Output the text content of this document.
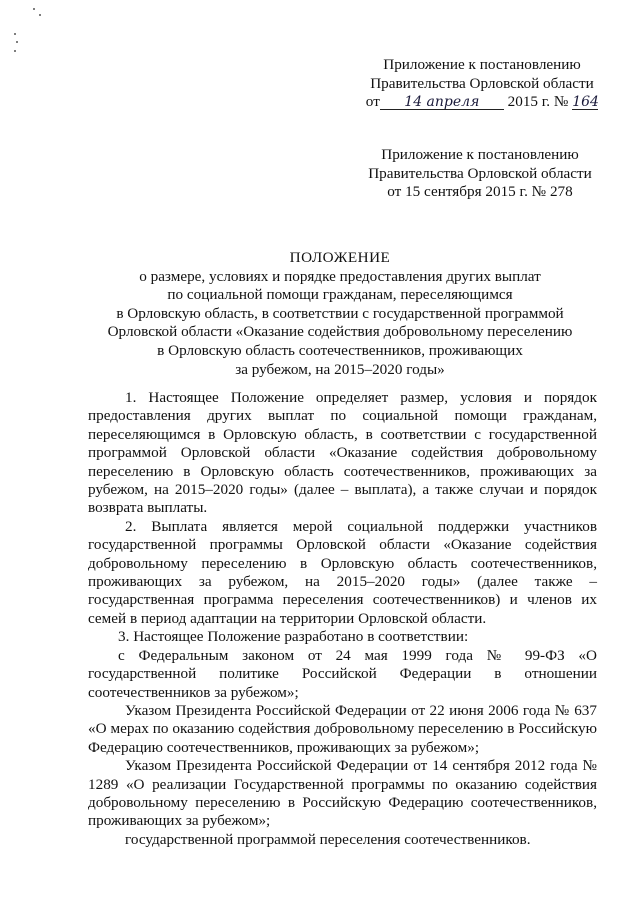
Приложение к постановлению
Правительства Орловской области
от 14 апреля 2015 г. № 164
Приложение к постановлению
Правительства Орловской области
от 15 сентября 2015 г. № 278
ПОЛОЖЕНИЕ
о размере, условиях и порядке предоставления других выплат
по социальной помощи гражданам, переселяющимся
в Орловскую область, в соответствии с государственной программой
Орловской области «Оказание содействия добровольному переселению
в Орловскую область соотечественников, проживающих
за рубежом, на 2015–2020 годы»

1. Настоящее Положение определяет размер, условия и порядок предоставления других выплат по социальной помощи гражданам, переселяющимся в Орловскую область, в соответствии с государственной программой Орловской области «Оказание содействия добровольному переселению в Орловскую область соотечественников, проживающих за рубежом, на 2015–2020 годы» (далее – выплата), а также случаи и порядок возврата выплаты.

2. Выплата является мерой социальной поддержки участников государственной программы Орловской области «Оказание содействия добровольному переселению в Орловскую область соотечественников, проживающих за рубежом, на 2015–2020 годы» (далее также – государственная программа переселения соотечественников) и членов их семей в период адаптации на территории Орловской области.

3. Настоящее Положение разработано в соответствии:

с Федеральным законом от 24 мая 1999 года № 99-ФЗ «О государственной политике Российской Федерации в отношении соотечественников за рубежом»;

Указом Президента Российской Федерации от 22 июня 2006 года № 637 «О мерах по оказанию содействия добровольному переселению в Российскую Федерацию соотечественников, проживающих за рубежом»;

Указом Президента Российской Федерации от 14 сентября 2012 года № 1289 «О реализации Государственной программы по оказанию содействия добровольному переселению в Российскую Федерацию соотечественников, проживающих за рубежом»;

государственной программой переселения соотечественников.
